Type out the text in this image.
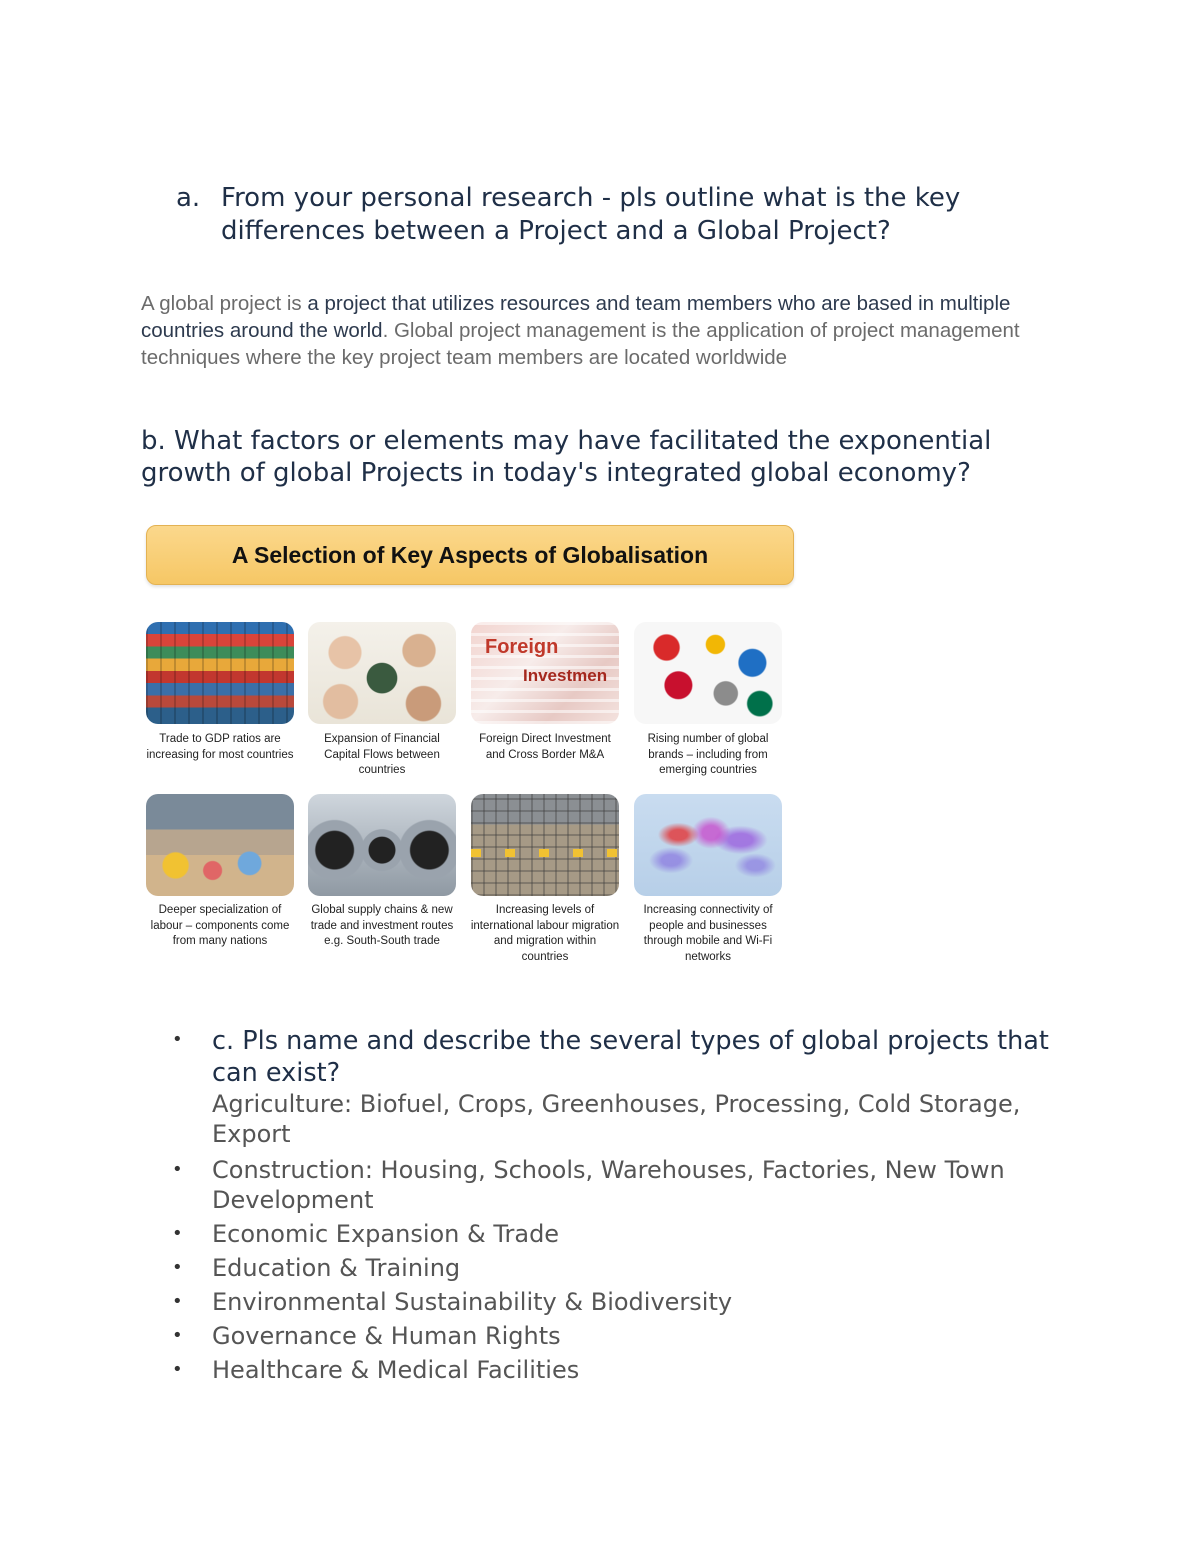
a. From your personal research - pls outline what is the key differences between a Project and a Global Project?

A global project is a project that utilizes resources and team members who are based in multiple countries around the world. Global project management is the application of project management techniques where the key project team members are located worldwide

b. What factors or elements may have facilitated the exponential growth of global Projects in today's integrated global economy?
A Selection of Key Aspects of Globalisation
Trade to GDP ratios are increasing for most countries
Expansion of Financial Capital Flows between countries
Foreign
Investmen
Foreign Direct Investment and Cross Border M&A
Rising number of global brands – including from emerging countries
Deeper specialization of labour – components come from many nations
Global supply chains & new trade and investment routes e.g. South-South trade
Increasing levels of international labour migration and migration within countries
Increasing connectivity of people and businesses through mobile and Wi-Fi networks
• c. Pls name and describe the several types of global projects that can exist?
Agriculture: Biofuel, Crops, Greenhouses, Processing, Cold Storage, Export
• Construction: Housing, Schools, Warehouses, Factories, New Town Development
• Economic Expansion & Trade
• Education & Training
• Environmental Sustainability & Biodiversity
• Governance & Human Rights
• Healthcare & Medical Facilities
